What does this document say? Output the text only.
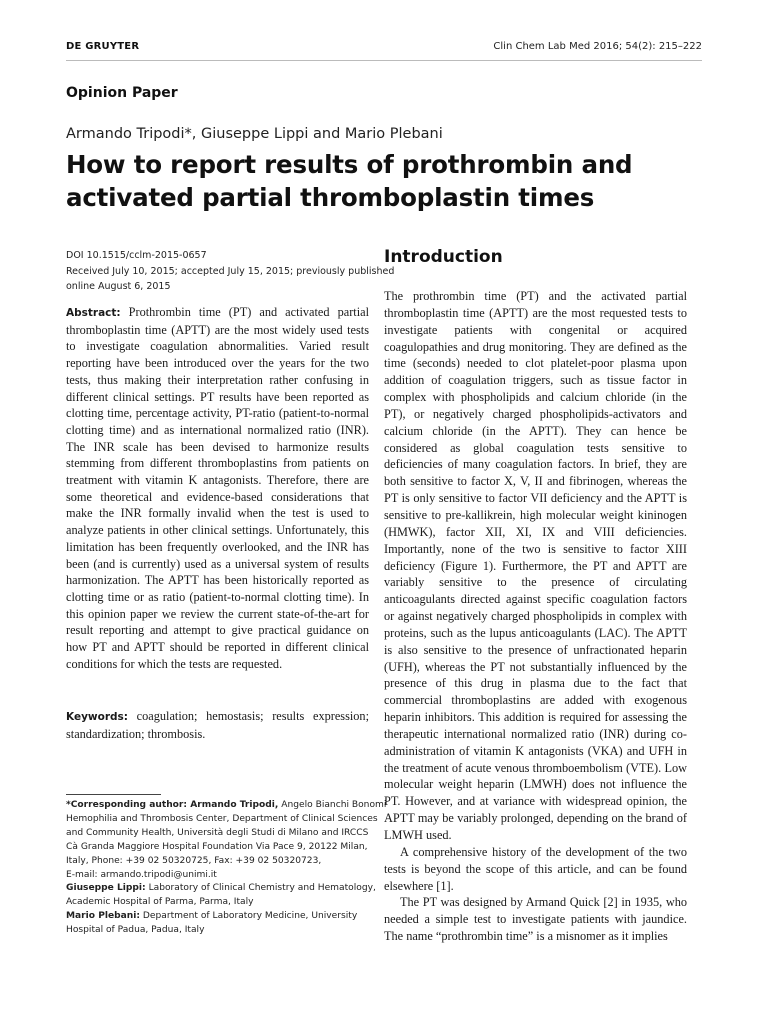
DE GRUYTER	Clin Chem Lab Med 2016; 54(2): 215–222
Opinion Paper
Armando Tripodi*, Giuseppe Lippi and Mario Plebani
How to report results of prothrombin and
activated partial thromboplastin times
DOI 10.1515/cclm-2015-0657
Received July 10, 2015; accepted July 15, 2015; previously published
online August 6, 2015
Abstract: Prothrombin time (PT) and activated partial thromboplastin time (APTT) are the most widely used tests to investigate coagulation abnormalities. Varied result reporting have been introduced over the years for the two tests, thus making their interpretation rather confusing in different clinical settings. PT results have been reported as clotting time, percentage activity, PT-ratio (patient-to-normal clotting time) and as international normalized ratio (INR). The INR scale has been devised to harmonize results stemming from different thromboplastins from patients on treatment with vitamin K antagonists. Therefore, there are some theoretical and evidence-based considerations that make the INR formally invalid when the test is used to analyze patients in other clinical settings. Unfortunately, this limitation has been frequently overlooked, and the INR has been (and is currently) used as a universal system of results harmonization. The APTT has been historically reported as clotting time or as ratio (patient-to-normal clotting time). In this opinion paper we review the current state-of-the-art for result reporting and attempt to give practical guidance on how PT and APTT should be reported in different clinical conditions for which the tests are requested.
Keywords: coagulation; hemostasis; results expression; standardization; thrombosis.
*Corresponding author: Armando Tripodi, Angelo Bianchi Bonomi
Hemophilia and Thrombosis Center, Department of Clinical Sciences
and Community Health, Università degli Studi di Milano and IRCCS
Cà Granda Maggiore Hospital Foundation Via Pace 9, 20122 Milan,
Italy, Phone: +39 02 50320725, Fax: +39 02 50320723,
E-mail: armando.tripodi@unimi.it
Giuseppe Lippi: Laboratory of Clinical Chemistry and Hematology,
Academic Hospital of Parma, Parma, Italy
Mario Plebani: Department of Laboratory Medicine, University
Hospital of Padua, Padua, Italy
Introduction

The prothrombin time (PT) and the activated partial thromboplastin time (APTT) are the most requested tests to investigate patients with congenital or acquired coagulopathies and drug monitoring. They are defined as the time (seconds) needed to clot platelet-poor plasma upon addition of coagulation triggers, such as tissue factor in complex with phospholipids and calcium chloride (in the PT), or negatively charged phospholipids-activators and calcium chloride (in the APTT). They can hence be considered as global coagulation tests sensitive to deficiencies of many coagulation factors. In brief, they are both sensitive to factor X, V, II and fibrinogen, whereas the PT is only sensitive to factor VII deficiency and the APTT is sensitive to pre-kallikrein, high molecular weight kininogen (HMWK), factor XII, XI, IX and VIII deficiencies. Importantly, none of the two is sensitive to factor XIII deficiency (Figure 1). Furthermore, the PT and APTT are variably sensitive to the presence of circulating anticoagulants directed against specific coagulation factors or against negatively charged phospholipids in complex with proteins, such as the lupus anticoagulants (LAC). The APTT is also sensitive to the presence of unfractionated heparin (UFH), whereas the PT not substantially influenced by the presence of this drug in plasma due to the fact that commercial thromboplastins are added with exogenous heparin inhibitors. This addition is required for assessing the therapeutic international normalized ratio (INR) during co-administration of vitamin K antagonists (VKA) and UFH in the treatment of acute venous thromboembolism (VTE). Low molecular weight heparin (LMWH) does not influence the PT. However, and at variance with widespread opinion, the APTT may be variably prolonged, depending on the brand of LMWH used.

A comprehensive history of the development of the two tests is beyond the scope of this article, and can be found elsewhere [1].

The PT was designed by Armand Quick [2] in 1935, who needed a simple test to investigate patients with jaundice. The name “prothrombin time” is a misnomer as it implies
